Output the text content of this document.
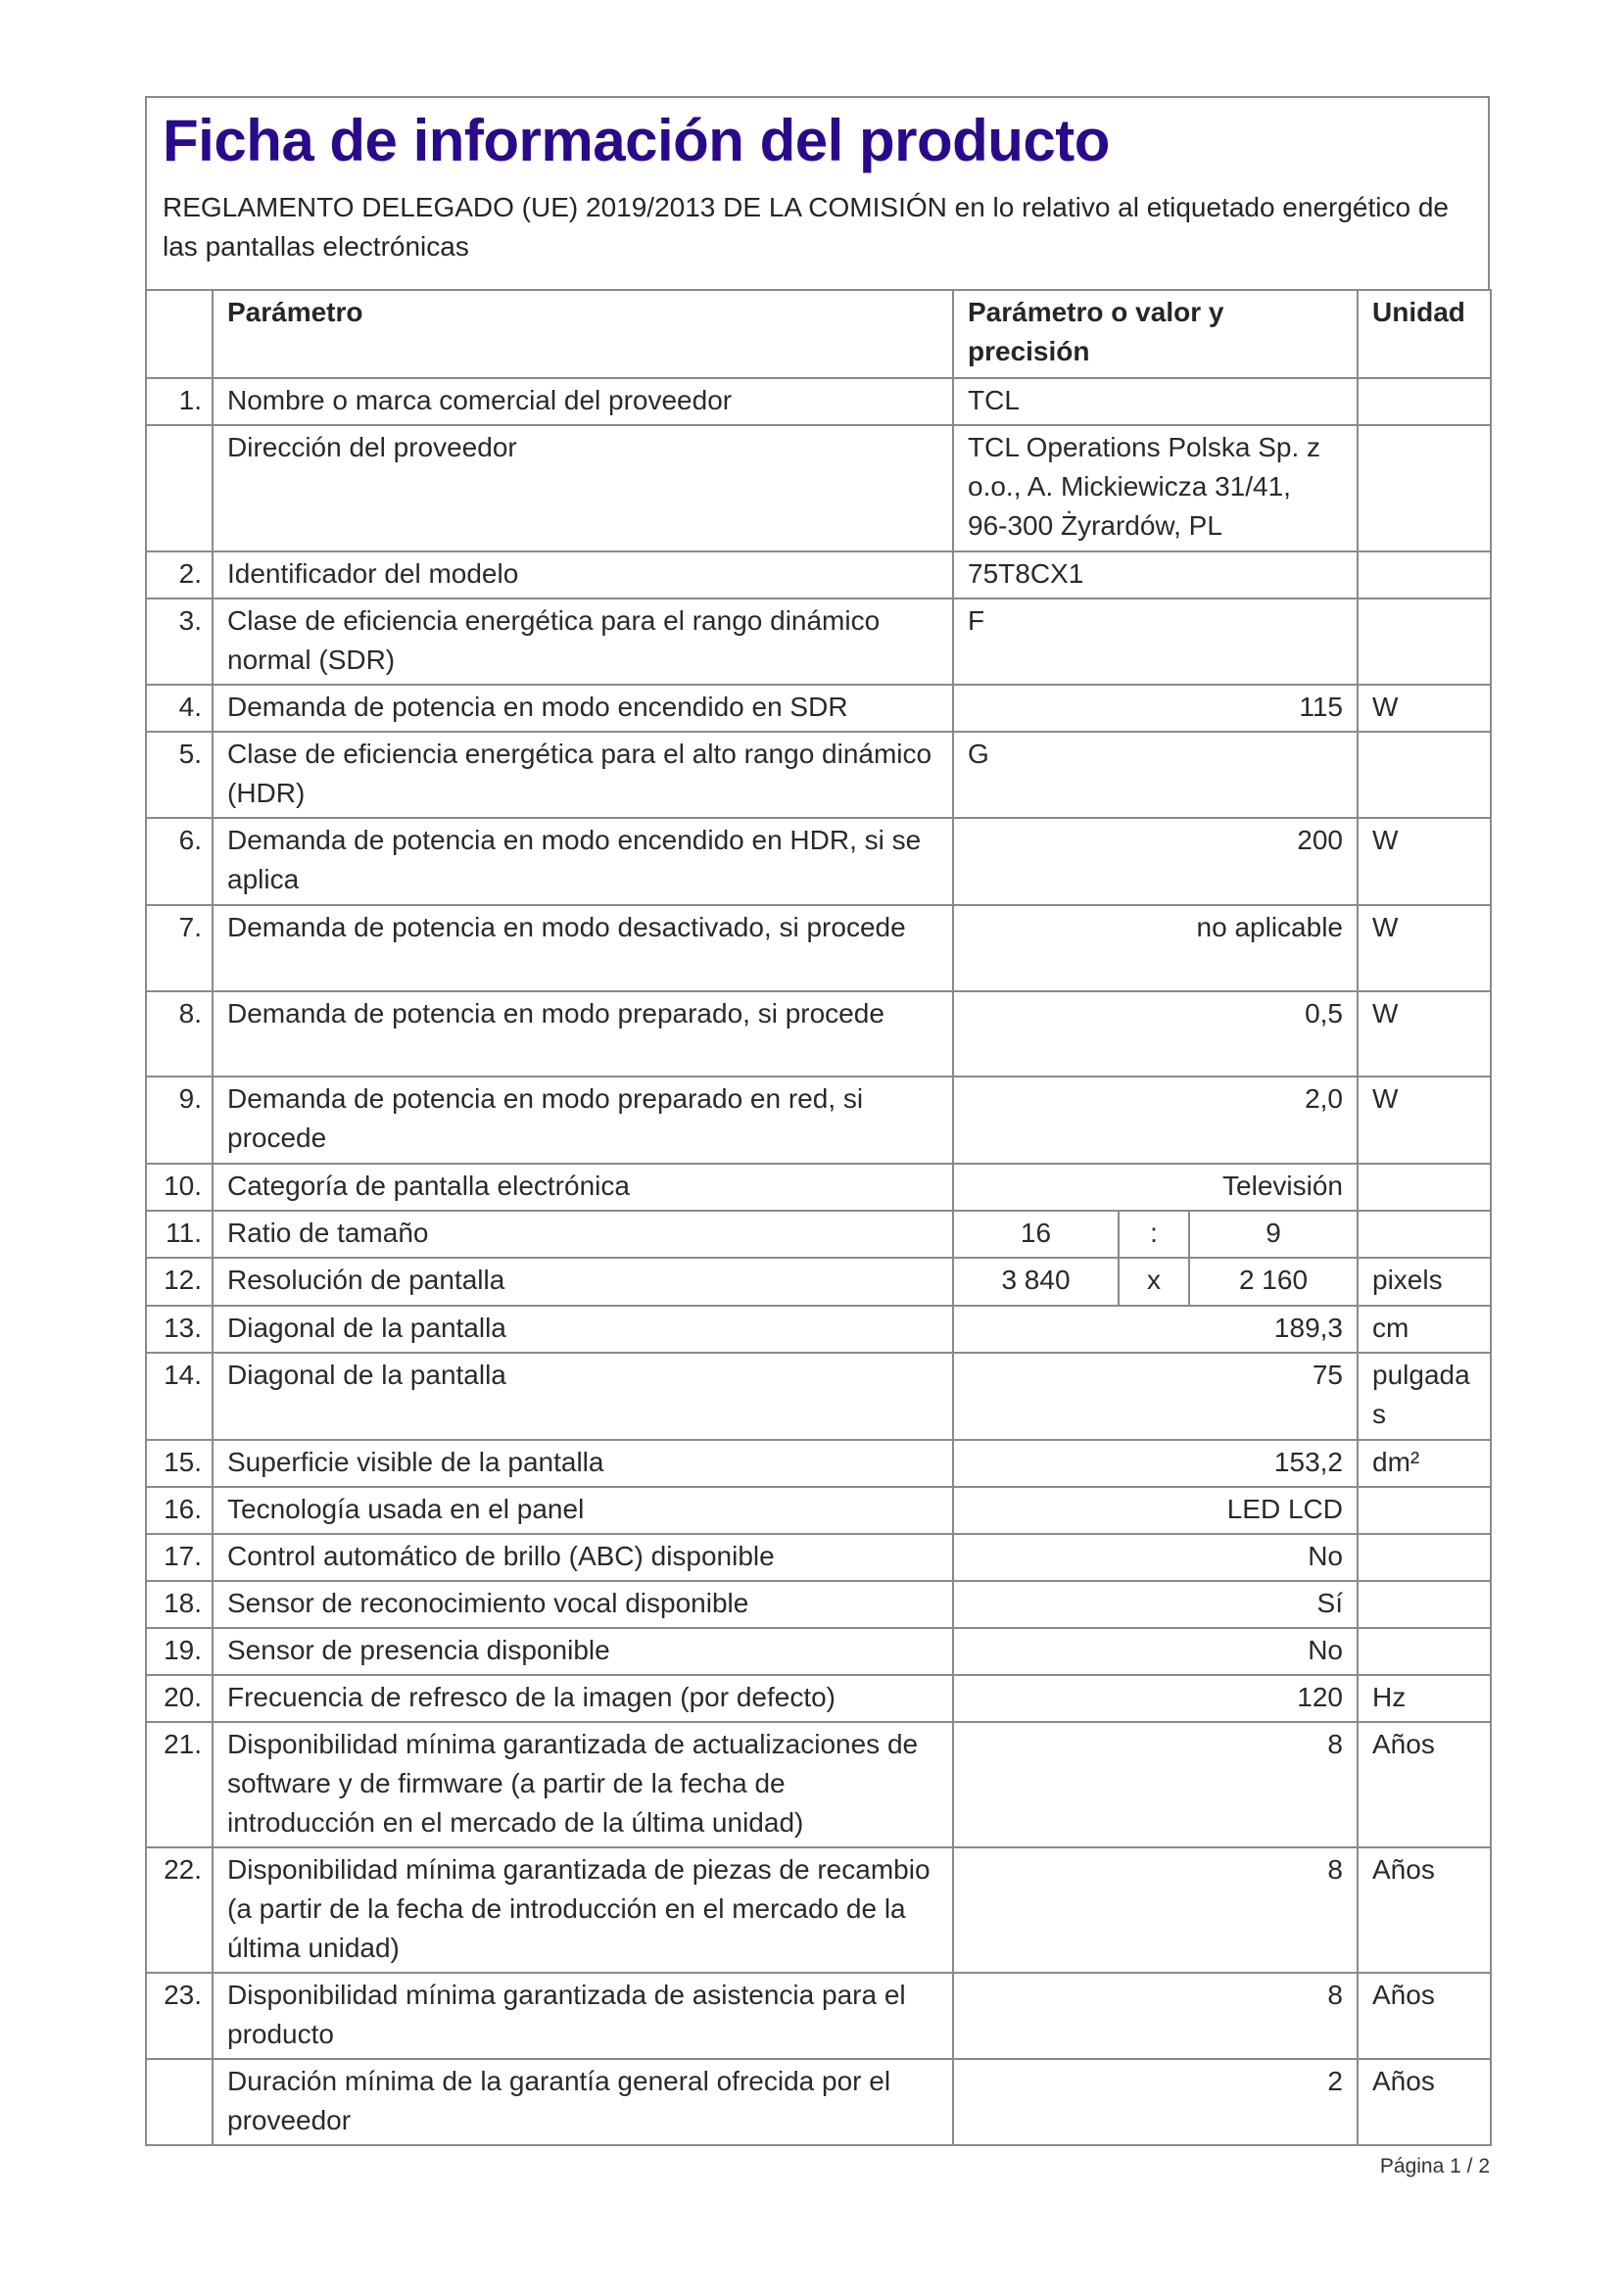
Ficha de información del producto
REGLAMENTO DELEGADO (UE) 2019/2013 DE LA COMISIÓN en lo relativo al etiquetado energético de las pantallas electrónicas
	Parámetro	Parámetro o valor y precisión			Unidad
1.	Nombre o marca comercial del proveedor	TCL			
	Dirección del proveedor	TCL Operations Polska Sp. z o.o., A. Mickiewicza 31/41, 96-300 Żyrardów, PL			
2.	Identificador del modelo	75T8CX1			
3.	Clase de eficiencia energética para el rango dinámico normal (SDR)	F			
4.	Demanda de potencia en modo encendido en SDR	115			W
5.	Clase de eficiencia energética para el alto rango dinámico (HDR)	G			
6.	Demanda de potencia en modo encendido en HDR, si se aplica	200			W
7.	Demanda de potencia en modo desactivado, si procede	no aplicable			W
8.	Demanda de potencia en modo preparado, si procede	0,5			W
9.	Demanda de potencia en modo preparado en red, si procede	2,0			W
10.	Categoría de pantalla electrónica	Televisión			
11.	Ratio de tamaño	16	:	9	
12.	Resolución de pantalla	3 840	x	2 160	pixels
13.	Diagonal de la pantalla	189,3			cm
14.	Diagonal de la pantalla	75			pulgadas
15.	Superficie visible de la pantalla	153,2			dm²
16.	Tecnología usada en el panel	LED LCD			
17.	Control automático de brillo (ABC) disponible	No			
18.	Sensor de reconocimiento vocal disponible	Sí			
19.	Sensor de presencia disponible	No			
20.	Frecuencia de refresco de la imagen (por defecto)	120			Hz
21.	Disponibilidad mínima garantizada de actualizaciones de software y de firmware (a partir de la fecha de introducción en el mercado de la última unidad)	8			Años
22.	Disponibilidad mínima garantizada de piezas de recambio (a partir de la fecha de introducción en el mercado de la última unidad)	8			Años
23.	Disponibilidad mínima garantizada de asistencia para el producto	8			Años
	Duración mínima de la garantía general ofrecida por el proveedor	2			Años
Página 1 / 2
